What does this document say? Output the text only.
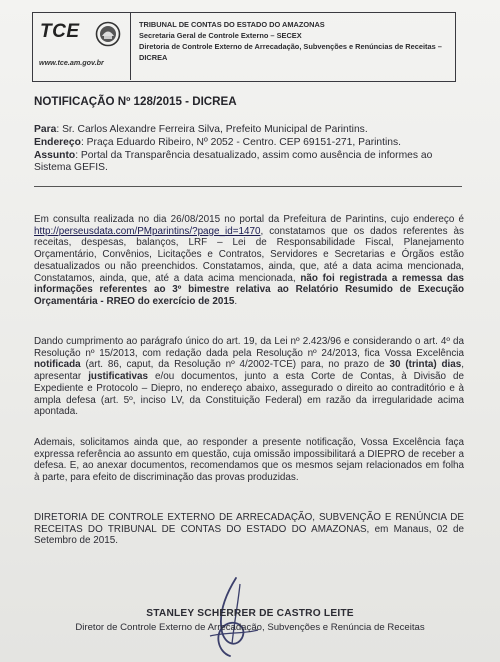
TCE
www.tce.am.gov.br
TRIBUNAL DE CONTAS DO ESTADO DO AMAZONAS
Secretaria Geral de Controle Externo – SECEX
Diretoria de Controle Externo de Arrecadação, Subvenções e Renúncias de Receitas – DICREA
NOTIFICAÇÃO Nº 128/2015 - DICREA
Para: Sr. Carlos Alexandre Ferreira Silva, Prefeito Municipal de Parintins.
Endereço: Praça Eduardo Ribeiro, Nº 2052 - Centro. CEP 69151-271, Parintins.
Assunto: Portal da Transparência desatualizado, assim como ausência de informes ao Sistema GEFIS.
Em consulta realizada no dia 26/08/2015 no portal da Prefeitura de Parintins, cujo endereço é http://perseusdata.com/PMparintins/?page_id=1470, constatamos que os dados referentes às receitas, despesas, balanços, LRF – Lei de Responsabilidade Fiscal, Planejamento Orçamentário, Convênios, Licitações e Contratos, Servidores e Secretarias e Órgãos estão desatualizados ou não preenchidos. Constatamos, ainda, que, até a data acima mencionada, Constatamos, ainda, que, até a data acima mencionada, não foi registrada a remessa das informações referentes ao 3º bimestre relativa ao Relatório Resumido de Execução Orçamentária - RREO do exercício de 2015.
Dando cumprimento ao parágrafo único do art. 19, da Lei nº 2.423/96 e considerando o art. 4º da Resolução nº 15/2013, com redação dada pela Resolução nº 24/2013, fica Vossa Excelência notificada (art. 86, caput, da Resolução nº 4/2002-TCE) para, no prazo de 30 (trinta) dias, apresentar justificativas e/ou documentos, junto a esta Corte de Contas, à Divisão de Expediente e Protocolo – Diepro, no endereço abaixo, assegurado o direito ao contraditório e à ampla defesa (art. 5º, inciso LV, da Constituição Federal) em razão da irregularidade acima apontada.
Ademais, solicitamos ainda que, ao responder a presente notificação, Vossa Excelência faça expressa referência ao assunto em questão, cuja omissão impossibilitará a DIEPRO de receber a defesa. E, ao anexar documentos, recomendamos que os mesmos sejam relacionados em folha à parte, para efeito de discriminação das provas produzidas.
DIRETORIA DE CONTROLE EXTERNO DE ARRECADAÇÃO, SUBVENÇÃO E RENÚNCIA DE RECEITAS DO TRIBUNAL DE CONTAS DO ESTADO DO AMAZONAS, em Manaus, 02 de Setembro de 2015.
STANLEY SCHERRER DE CASTRO LEITE
Diretor de Controle Externo de Arrecadação, Subvenções e Renúncia de Receitas
